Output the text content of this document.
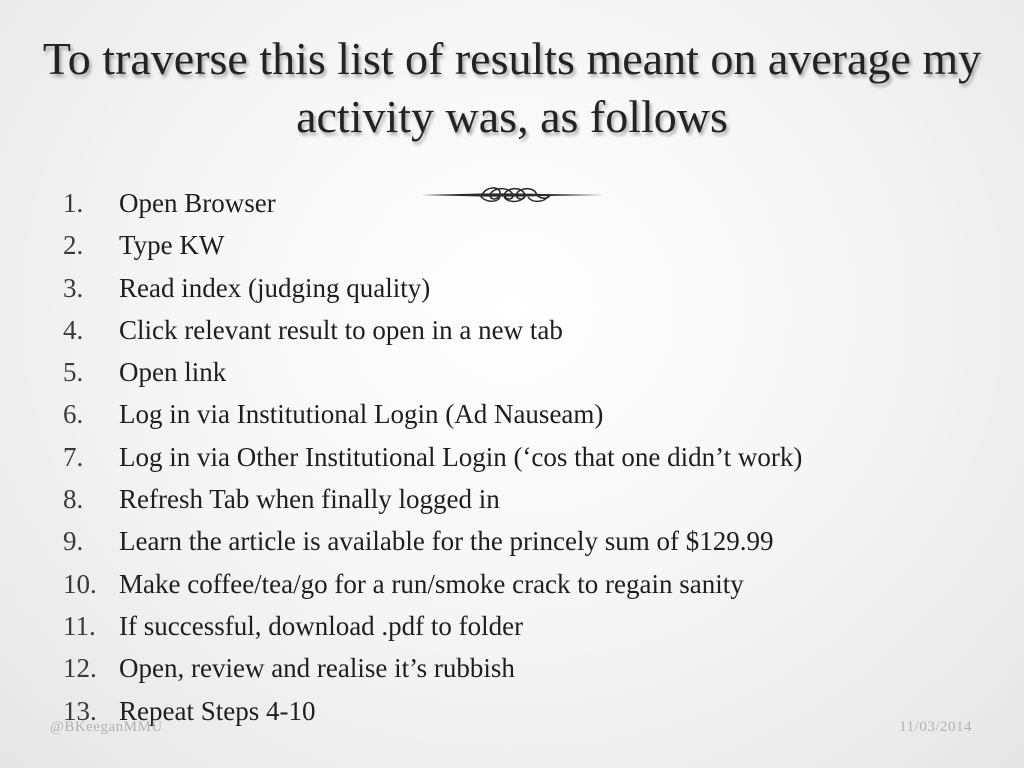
To traverse this list of results meant on average my activity was, as follows
1.	Open Browser
2.	Type KW
3.	Read index (judging quality)
4.	Click relevant result to open in a new tab
5.	Open link
6.	Log in via Institutional Login (Ad Nauseam)
7.	Log in via Other Institutional Login (‘cos that one didn’t work)
8.	Refresh Tab when finally logged in
9.	Learn the article is available for the princely sum of $129.99
10. Make coffee/tea/go for a run/smoke crack to regain sanity
11. If successful, download .pdf to folder
12. Open, review and realise it’s rubbish
13. Repeat Steps 4-10
@BKeeganMMU	11/03/2014
